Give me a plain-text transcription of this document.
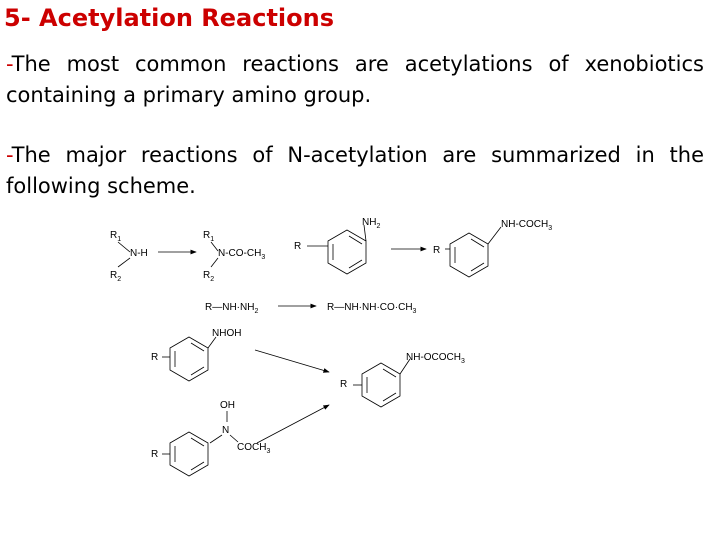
5- Acetylation Reactions
-The most common reactions are acetylations of xenobiotics containing a primary amino group.
-The major reactions of N-acetylation are summarized in the following scheme.
$R_1$
N-H
$R_2$
$R_1$
$N-CO-CH_3$
$R_2$
$NH_2$
R
$NH-COCH_3$
R
$R—NH\cdot NH_2$	$R—NH\cdot NH\cdot CO\cdot CH_3$
NHOH
R	$NH-OCOCH_3$
R
OH
N
$COCH_3$
R
